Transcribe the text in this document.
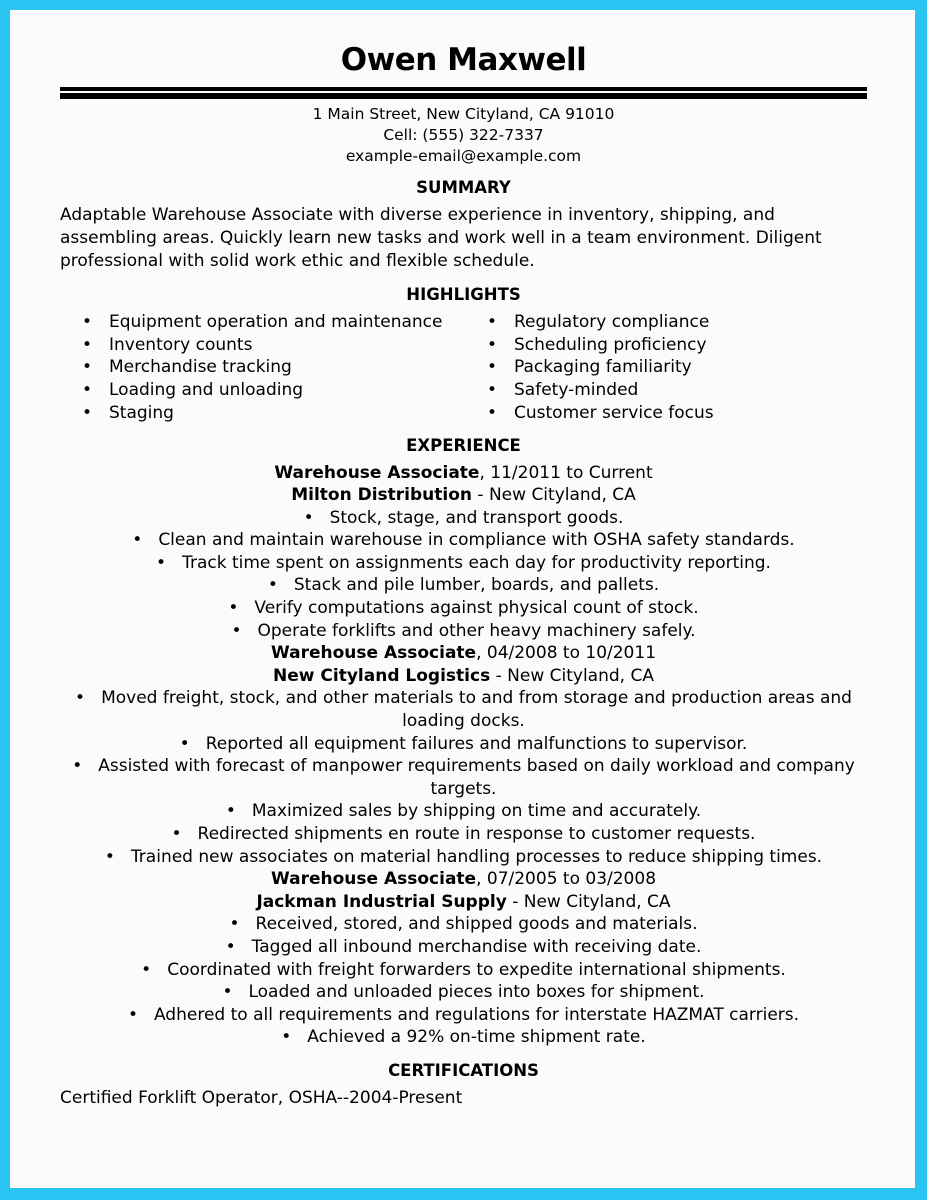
Owen Maxwell
1 Main Street, New Cityland, CA 91010
Cell: (555) 322-7337
example-email@example.com
SUMMARY
Adaptable Warehouse Associate with diverse experience in inventory, shipping, and assembling areas. Quickly learn new tasks and work well in a team environment. Diligent professional with solid work ethic and flexible schedule.
HIGHLIGHTS
• Equipment operation and maintenance	• Regulatory compliance
• Inventory counts	• Scheduling proficiency
• Merchandise tracking	• Packaging familiarity
• Loading and unloading	• Safety-minded
• Staging	• Customer service focus
EXPERIENCE
Warehouse Associate, 11/2011 to Current
Milton Distribution - New Cityland, CA
• Stock, stage, and transport goods.
• Clean and maintain warehouse in compliance with OSHA safety standards.
• Track time spent on assignments each day for productivity reporting.
• Stack and pile lumber, boards, and pallets.
• Verify computations against physical count of stock.
• Operate forklifts and other heavy machinery safely.
Warehouse Associate, 04/2008 to 10/2011
New Cityland Logistics - New Cityland, CA
• Moved freight, stock, and other materials to and from storage and production areas and loading docks.
• Reported all equipment failures and malfunctions to supervisor.
• Assisted with forecast of manpower requirements based on daily workload and company targets.
• Maximized sales by shipping on time and accurately.
• Redirected shipments en route in response to customer requests.
• Trained new associates on material handling processes to reduce shipping times.
Warehouse Associate, 07/2005 to 03/2008
Jackman Industrial Supply - New Cityland, CA
• Received, stored, and shipped goods and materials.
• Tagged all inbound merchandise with receiving date.
• Coordinated with freight forwarders to expedite international shipments.
• Loaded and unloaded pieces into boxes for shipment.
• Adhered to all requirements and regulations for interstate HAZMAT carriers.
• Achieved a 92% on-time shipment rate.
CERTIFICATIONS
Certified Forklift Operator, OSHA--2004-Present
